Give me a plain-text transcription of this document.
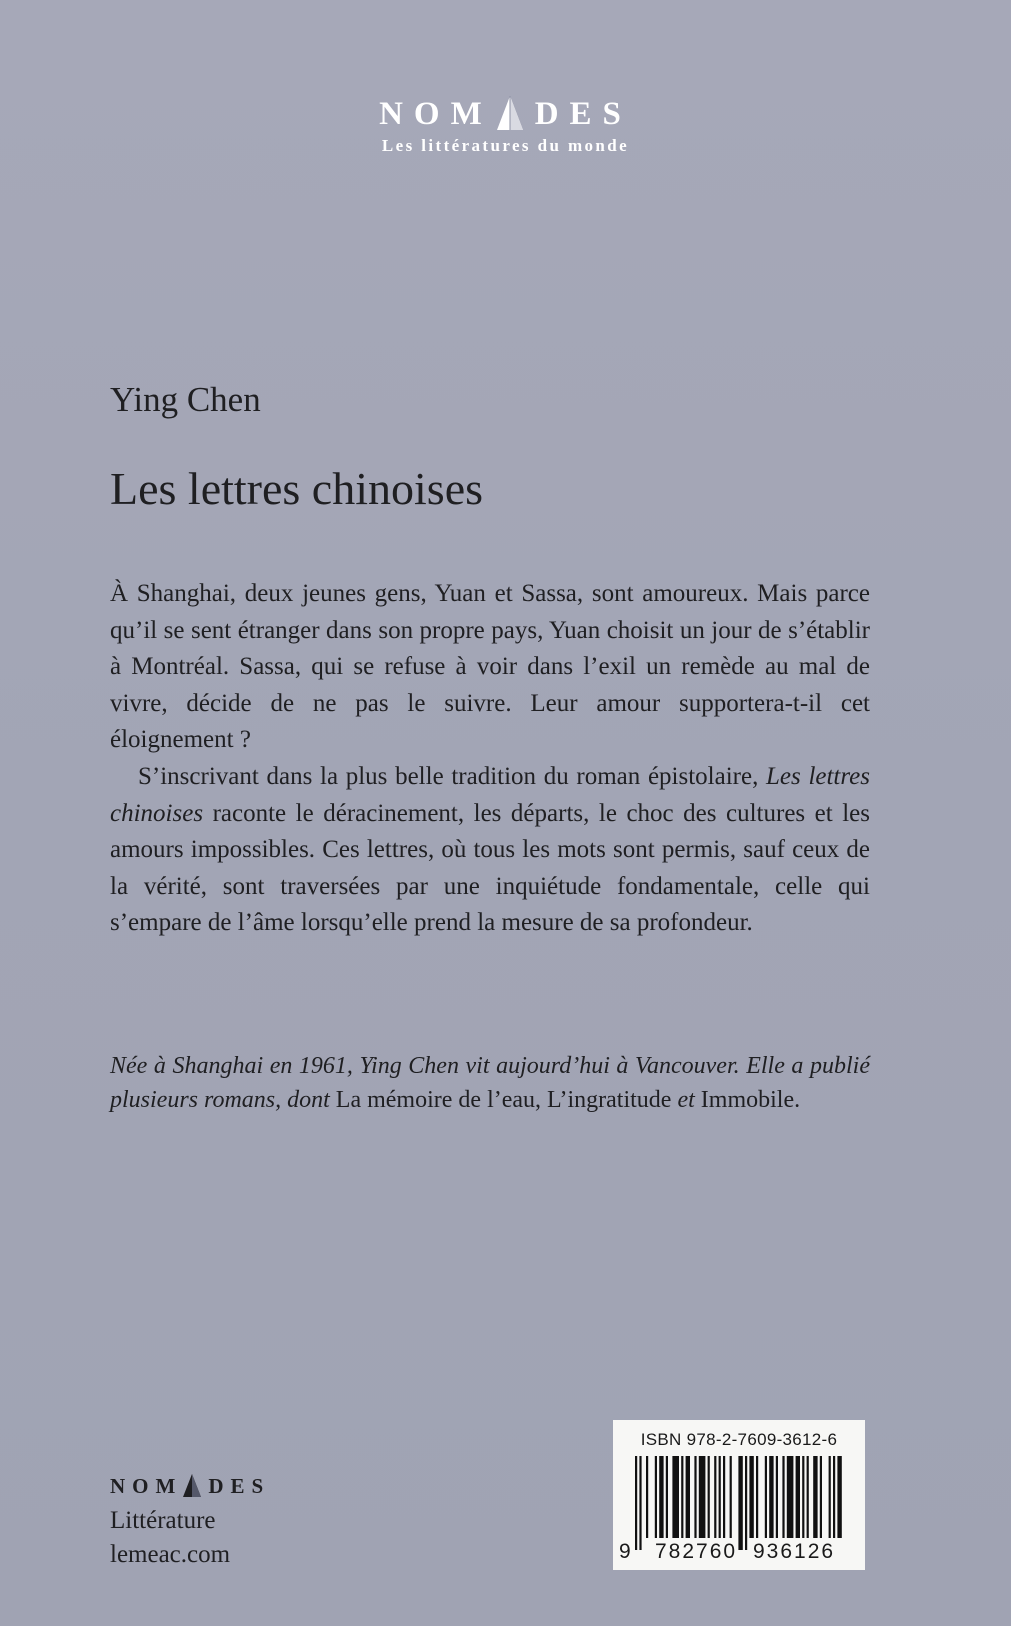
NOM DES
Les littératures du monde
Ying Chen
Les lettres chinoises

À Shanghai, deux jeunes gens, Yuan et Sassa, sont amoureux. Mais parce qu’il se sent étranger dans son propre pays, Yuan choisit un jour de s’établir à Montréal. Sassa, qui se refuse à voir dans l’exil un remède au mal de vivre, décide de ne pas le suivre. Leur amour supportera-t-il cet éloignement ?

S’inscrivant dans la plus belle tradition du roman épistolaire, Les lettres chinoises raconte le déracinement, les départs, le choc des cultures et les amours impossibles. Ces lettres, où tous les mots sont permis, sauf ceux de la vérité, sont traversées par une inquiétude fondamentale, celle qui s’empare de l’âme lorsqu’elle prend la mesure de sa profondeur.

Née à Shanghai en 1961, Ying Chen vit aujourd’hui à Vancouver. Elle a publié plusieurs romans, dont La mémoire de l’eau, L’ingratitude et Immobile.
NOM DES
Littérature
lemeac.com
ISBN 978-2-7609-3612-6
9 782760 936126
